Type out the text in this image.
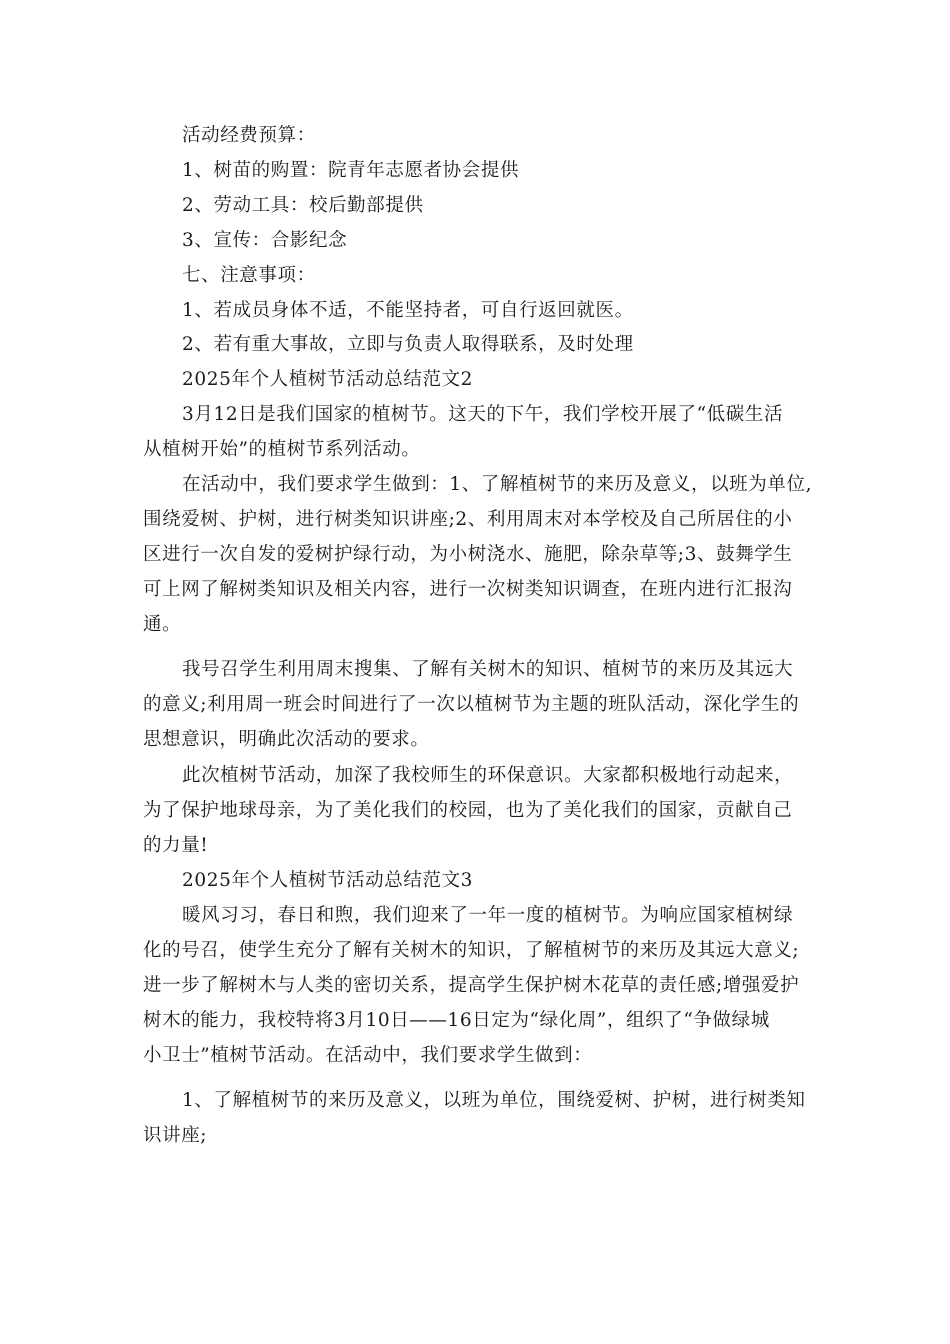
活动经费预算：
1、树苗的购置：院青年志愿者协会提供
2、劳动工具：校后勤部提供
3、宣传：合影纪念
七、注意事项：
1、若成员身体不适，不能坚持者，可自行返回就医。
2、若有重大事故，立即与负责人取得联系，及时处理
2025年个人植树节活动总结范文2
3月12日是我们国家的植树节。这天的下午，我们学校开展了“低碳生活
从植树开始”的植树节系列活动。
在活动中，我们要求学生做到：1、了解植树节的来历及意义，以班为单位,
围绕爱树、护树，进行树类知识讲座;2、利用周末对本学校及自己所居住的小
区进行一次自发的爱树护绿行动，为小树浇水、施肥，除杂草等;3、鼓舞学生
可上网了解树类知识及相关内容，进行一次树类知识调查，在班内进行汇报沟
通。
我号召学生利用周末搜集、了解有关树木的知识、植树节的来历及其远大
的意义;利用周一班会时间进行了一次以植树节为主题的班队活动，深化学生的
思想意识，明确此次活动的要求。
此次植树节活动，加深了我校师生的环保意识。大家都积极地行动起来，
为了保护地球母亲，为了美化我们的校园，也为了美化我们的国家，贡献自己
的力量!
2025年个人植树节活动总结范文3
暖风习习，春日和煦，我们迎来了一年一度的植树节。为响应国家植树绿
化的号召，使学生充分了解有关树木的知识，了解植树节的来历及其远大意义;
进一步了解树木与人类的密切关系，提高学生保护树木花草的责任感;增强爱护
树木的能力，我校特将3月10日——16日定为“绿化周”，组织了“争做绿城
小卫士”植树节活动。在活动中，我们要求学生做到：
1、了解植树节的来历及意义，以班为单位，围绕爱树、护树，进行树类知
识讲座;
